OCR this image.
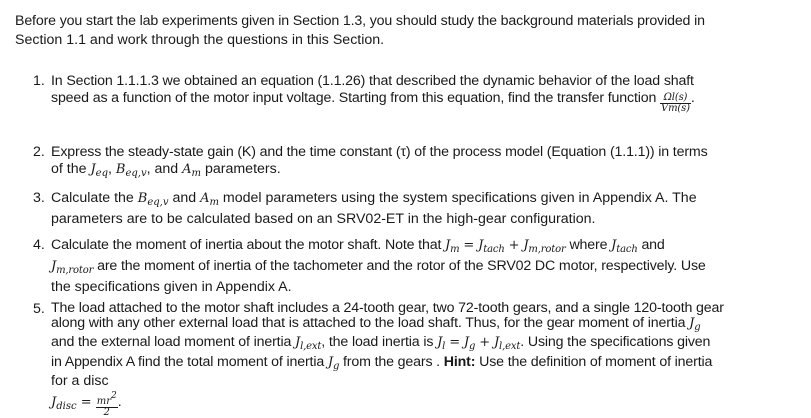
Before you start the lab experiments given in Section 1.3, you should study the background materials provided in
Section 1.1 and work through the questions in this Section.
1. In Section 1.1.1.3 we obtained an equation (1.1.26) that described the dynamic behavior of the load shaft
speed as a function of the motor input voltage. Starting from this equation, find the transfer function $\frac{\Omega l(s)}{Vm(s)}$ .
2. Express the steady-state gain (K) and the time constant (τ) of the process model (Equation (1.1.1)) in terms
of the $J_{eq}$, $B_{eq,v}$, and $A_m$ parameters.
3. Calculate the $B_{eq,v}$ and $A_m$ model parameters using the system specifications given in Appendix A. The
parameters are to be calculated based on an SRV02-ET in the high-gear configuration.
4. Calculate the moment of inertia about the motor shaft. Note that $J_m = J_{tach} + J_{m,rotor}$ where $J_{tach}$ and
$J_{m,rotor}$ are the moment of inertia of the tachometer and the rotor of the SRV02 DC motor, respectively. Use
the specifications given in Appendix A.
5. The load attached to the motor shaft includes a 24-tooth gear, two 72-tooth gears, and a single 120-tooth gear
along with any other external load that is attached to the load shaft. Thus, for the gear moment of inertia $J_g$
and the external load moment of inertia $J_{l,ext}$, the load inertia is $J_l = J_g + J_{l,ext}$. Using the specifications given
in Appendix A find the total moment of inertia $J_g$ from the gears . Hint: Use the definition of moment of inertia
for a disc
$J_{disc} = \frac{mr2}{2}$ .
